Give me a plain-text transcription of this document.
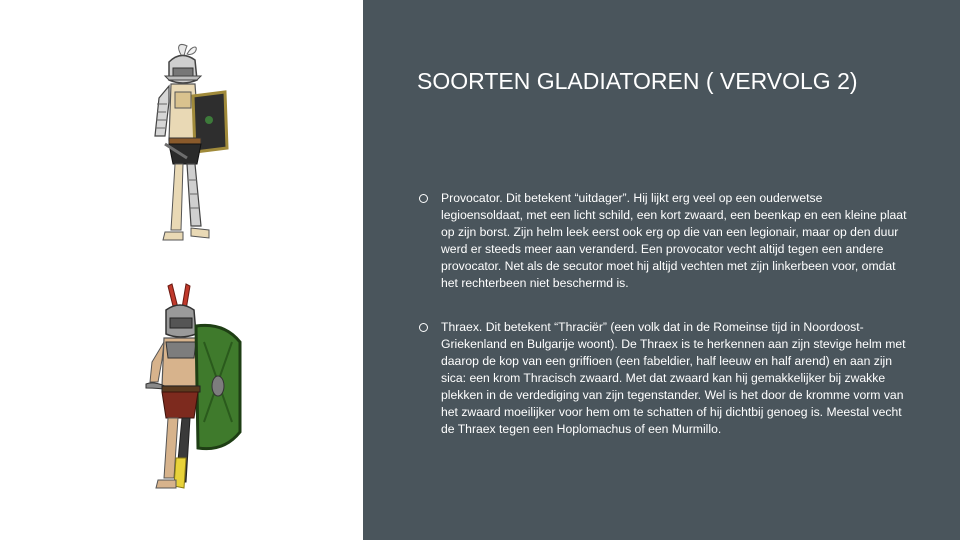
SOORTEN GLADIATOREN ( VERVOLG 2)
Provocator. Dit betekent “uitdager”. Hij lijkt erg veel op een ouderwetse legioensoldaat, met een licht schild, een kort zwaard, een beenkap en een kleine plaat op zijn borst. Zijn helm leek eerst ook erg op die van een legionair, maar op den duur werd er steeds meer aan veranderd. Een provocator vecht altijd tegen een andere provocator. Net als de secutor moet hij altijd vechten met zijn linkerbeen voor, omdat het rechterbeen niet beschermd is.
Thraex. Dit betekent “Thraciër” (een volk dat in de Romeinse tijd in Noordoost-Griekenland en Bulgarije woont). De Thraex is te herkennen aan zijn stevige helm met daarop de kop van een griffioen (een fabeldier, half leeuw en half arend) en aan zijn sica: een krom Thracisch zwaard. Met dat zwaard kan hij gemakkelijker bij zwakke plekken in de verdediging van zijn tegenstander. Wel is het door de kromme vorm van het zwaard moeilijker voor hem om te schatten of hij dichtbij genoeg is. Meestal vecht de Thraex tegen een Hoplomachus of een Murmillo.
